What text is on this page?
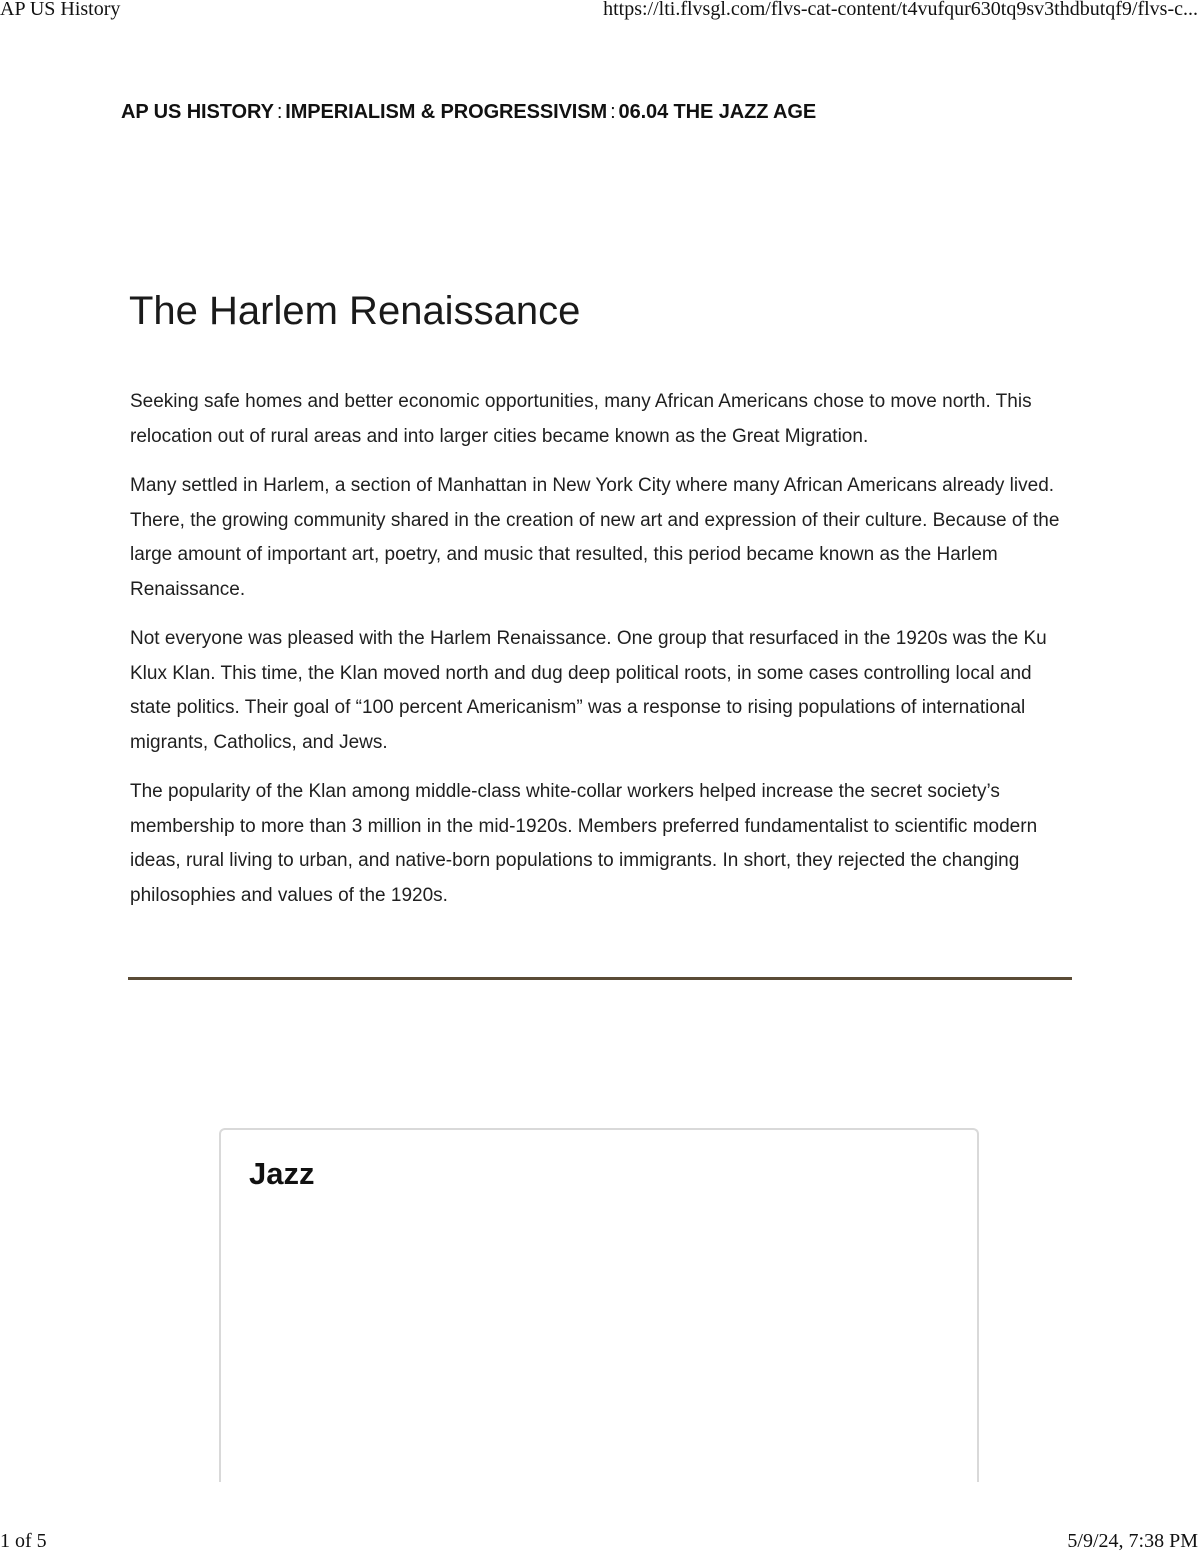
AP US History	https://lti.flvsgl.com/flvs-cat-content/t4vufqur630tq9sv3thdbutqf9/flvs-c...
AP US HISTORY : IMPERIALISM & PROGRESSIVISM : 06.04 THE JAZZ AGE
The Harlem Renaissance

Seeking safe homes and better economic opportunities, many African Americans chose to move north. This relocation out of rural areas and into larger cities became known as the Great Migration.

Many settled in Harlem, a section of Manhattan in New York City where many African Americans already lived. There, the growing community shared in the creation of new art and expression of their culture. Because of the large amount of important art, poetry, and music that resulted, this period became known as the Harlem Renaissance.

Not everyone was pleased with the Harlem Renaissance. One group that resurfaced in the 1920s was the Ku Klux Klan. This time, the Klan moved north and dug deep political roots, in some cases controlling local and state politics. Their goal of “100 percent Americanism” was a response to rising populations of international migrants, Catholics, and Jews.

The popularity of the Klan among middle-class white-collar workers helped increase the secret society’s membership to more than 3 million in the mid-1920s. Members preferred fundamentalist to scientific modern ideas, rural living to urban, and native-born populations to immigrants. In short, they rejected the changing philosophies and values of the 1920s.

Jazz
1 of 5	5/9/24, 7:38 PM
